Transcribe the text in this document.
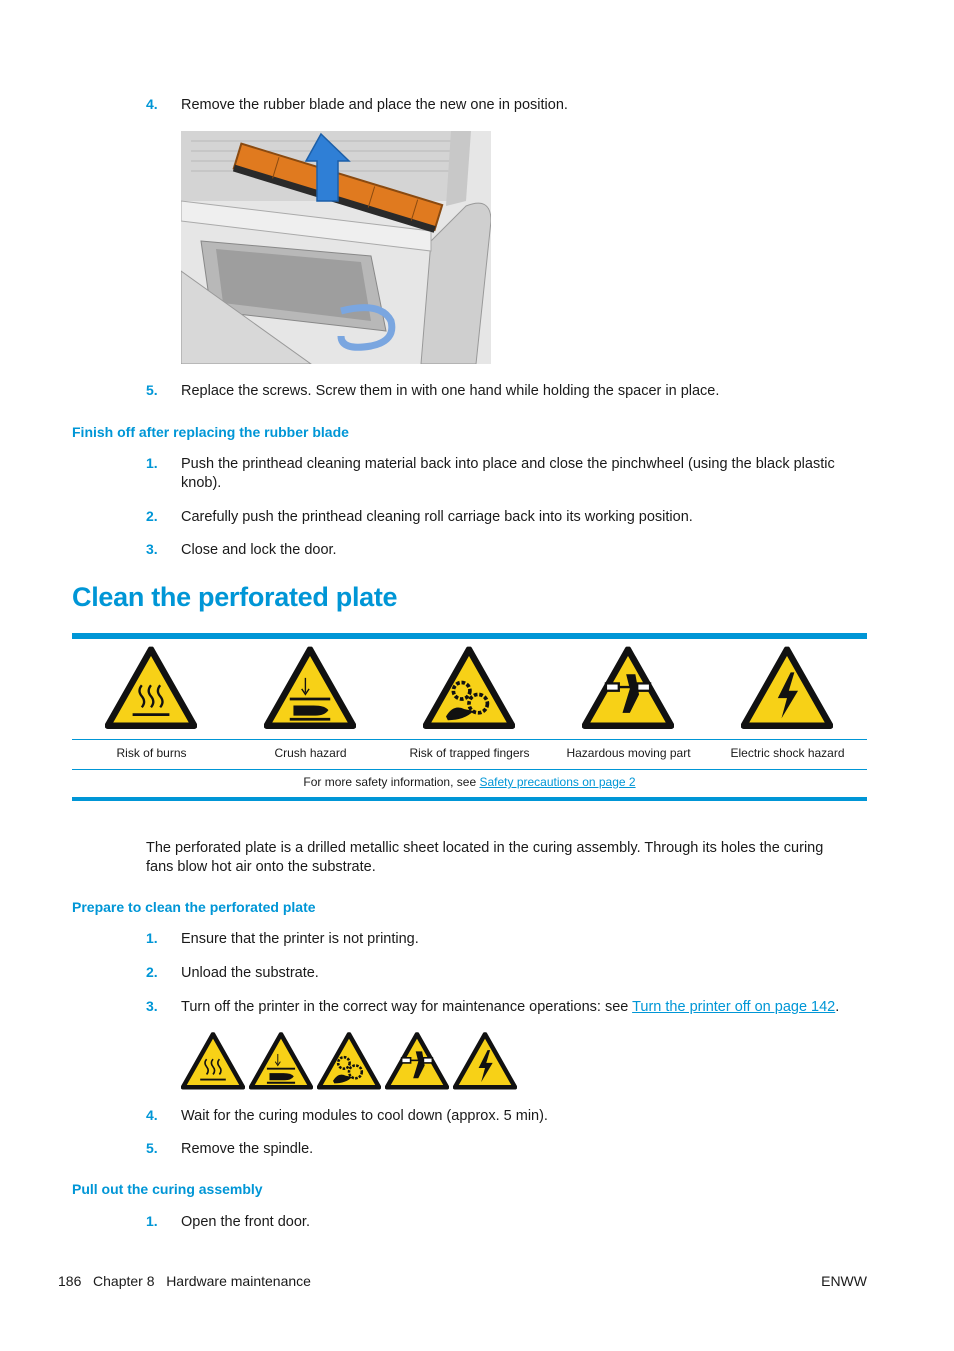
4. Remove the rubber blade and place the new one in position.
5. Replace the screws. Screw them in with one hand while holding the spacer in place.
Finish off after replacing the rubber blade
1. Push the printhead cleaning material back into place and close the pinchwheel (using the black plastic
knob).
2. Carefully push the printhead cleaning roll carriage back into its working position.
3. Close and lock the door.
Clean the perforated plate
Risk of burns	Crush hazard	Risk of trapped fingers	Hazardous moving part	Electric shock hazard
For more safety information, see Safety precautions on page 2
The perforated plate is a drilled metallic sheet located in the curing assembly. Through its holes the curing
fans blow hot air onto the substrate.
Prepare to clean the perforated plate
1. Ensure that the printer is not printing.
2. Unload the substrate.
3. Turn off the printer in the correct way for maintenance operations: see Turn the printer off on page 142.
4. Wait for the curing modules to cool down (approx. 5 min).
5. Remove the spindle.
Pull out the curing assembly
1. Open the front door.
186 Chapter 8 Hardware maintenance	ENWW
